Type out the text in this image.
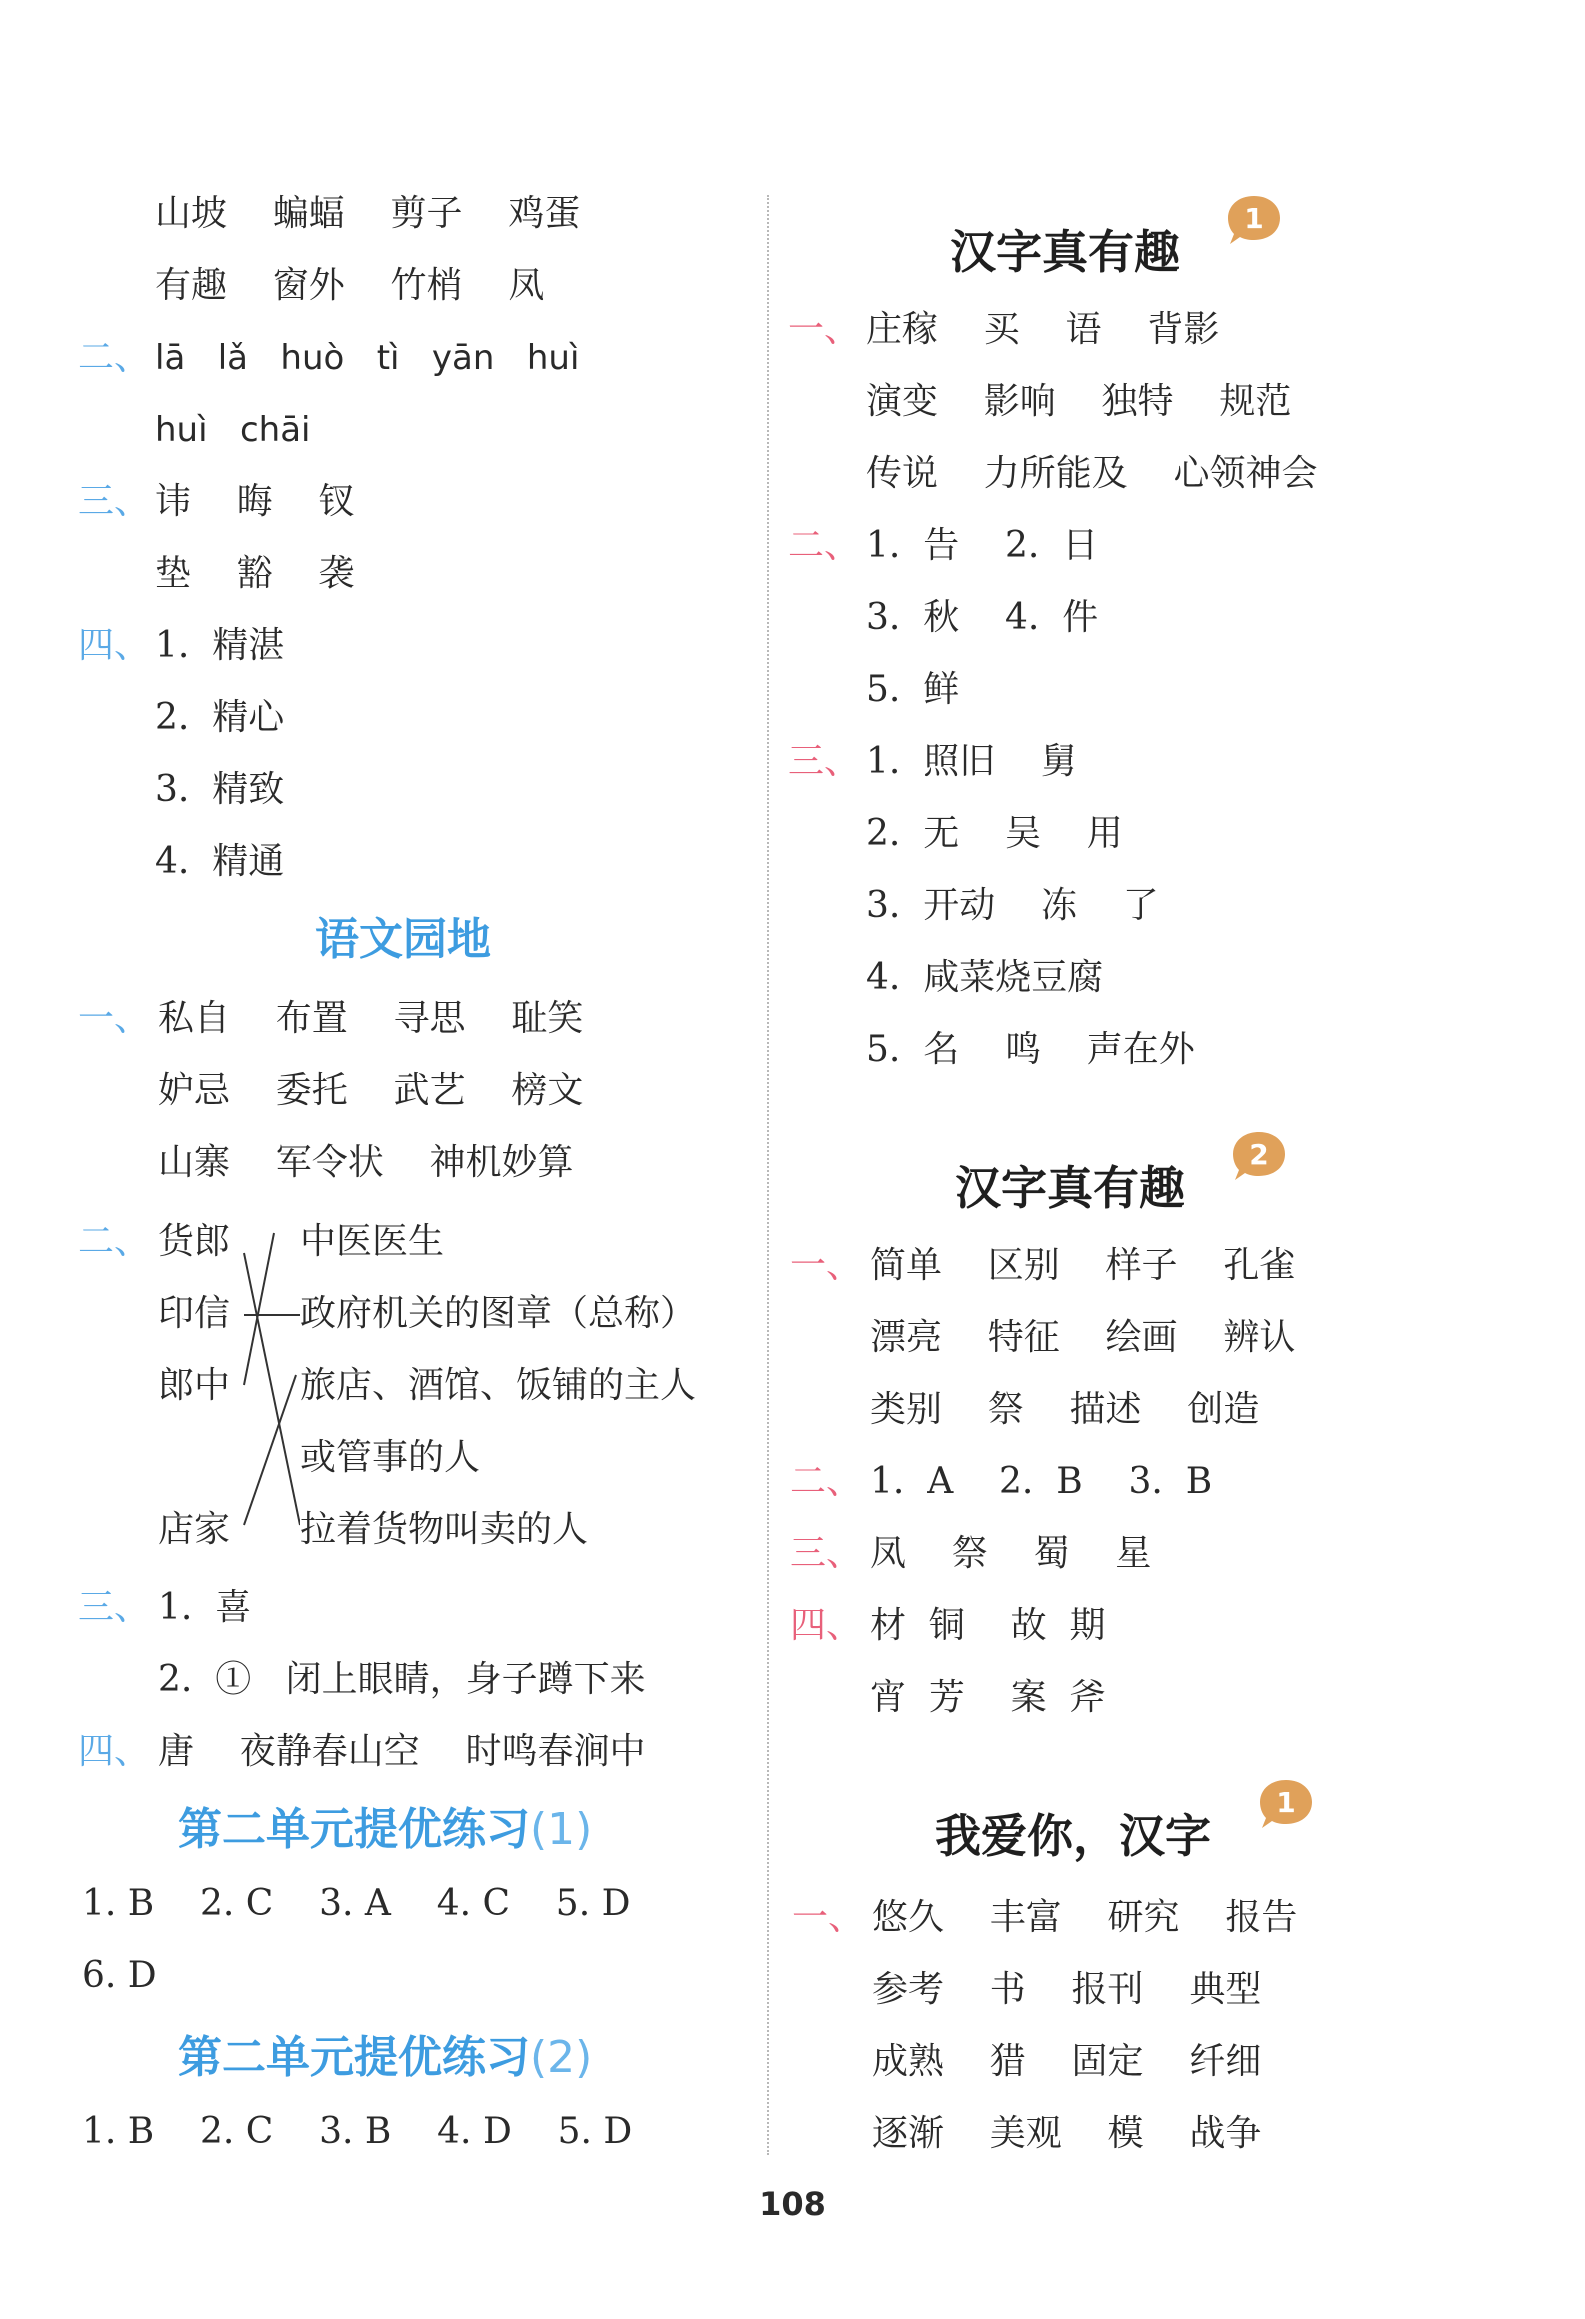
山坡    蝙蝠    剪子    鸡蛋
有趣    窗外    竹梢    凤
二、 lā   lǎ   huò   tì   yān   huì
huì   chāi
三、 讳    晦    钗
垫    豁    袭
四、 1.  精湛
2.  精心
3.  精致
4.  精通
语文园地
一、 私自    布置    寻思    耻笑
妒忌    委托    武艺    榜文
山寨    军令状    神机妙算
二、 货郎
印信
郎中
店家
中医医生
政府机关的图章（总称）
旅店、酒馆、饭铺的主人
或管事的人
拉着货物叫卖的人
三、 1.  喜
2.  ①   闭上眼睛，身子蹲下来
四、 唐    夜静春山空    时鸣春涧中
第二单元提优练习(1)
1. B    2. C    3. A    4. C    5. D
6. D
第二单元提优练习(2)
1. B    2. C    3. B    4. D    5. D
汉字真有趣
1
一、 庄稼    买    语    背影
演变    影响    独特    规范
传说    力所能及    心领神会
二、 1.  告    2.  日
3.  秋    4.  件
5.  鲜
三、 1.  照旧    舅
2.  无    吴    用
3.  开动    冻    了
4.  咸菜烧豆腐
5.  名    鸣    声在外
汉字真有趣
2
一、 简单    区别    样子    孔雀
漂亮    特征    绘画    辨认
类别    祭    描述    创造
二、 1.  A    2.  B    3.  B
三、 凤    祭    蜀    星
四、 材  铜    故  期
宵  芳    案  斧
我爱你，汉字
1
一、 悠久    丰富    研究    报告
参考    书    报刊    典型
成熟    猎    固定    纤细
逐渐    美观    模    战争
108
